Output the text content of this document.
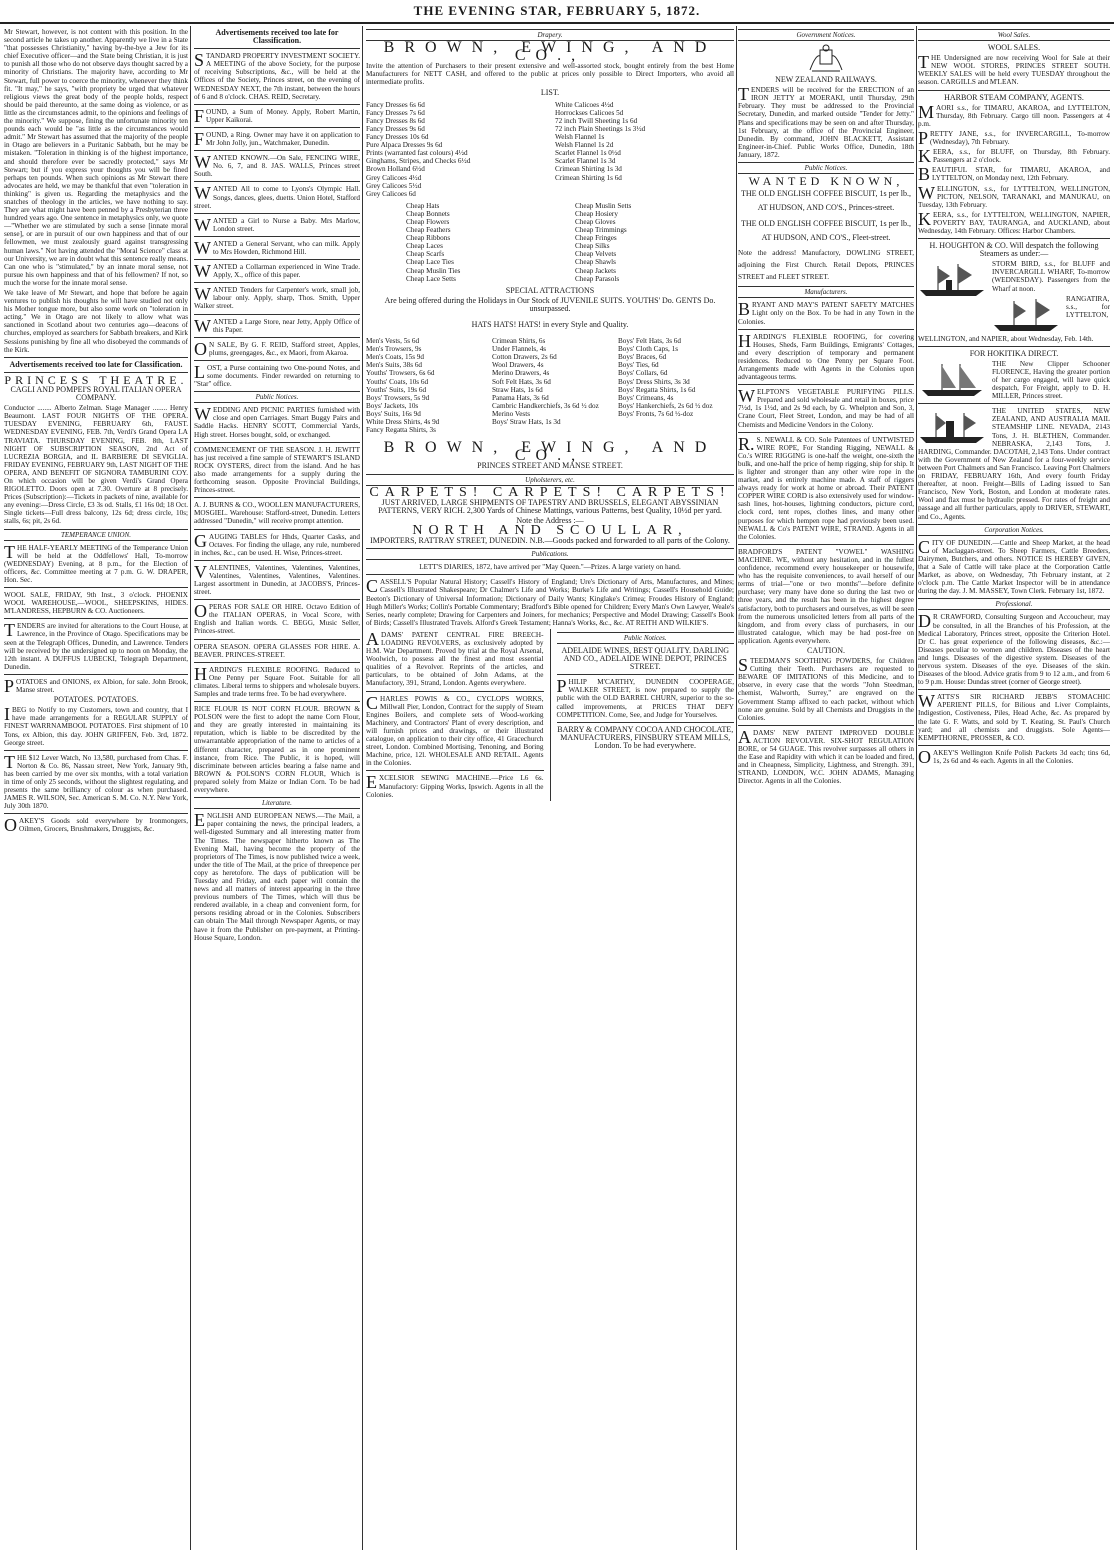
THE EVENING STAR, FEBRUARY 5, 1872.
Mr Stewart, however, is not content with this position. In the second article he takes up another. Apparently we live in a State "that possesses Christianity," having by-the-bye a Jew for its chief Executive officer—and the State being Christian, it is just to punish all those who do not observe days thought sacred by a minority of Christians. The majority have, according to Mr Stewart, full power to coerce the minority, whenever they think fit. "It may," he says, "with propriety be urged that whatever religious views the great body of the people holds, respect should be paid thereunto, at the same doing as violence, or as little as the circumstances admit, to the opinions and feelings of the minority." We suppose, fining the unfortunate minority ten pounds each would be "as little as the circumstances would admit." Mr Stewart has assumed that the majority of the people in Otago are believers in a Puritanic Sabbath, but he may be mistaken. "Toleration in thinking is of the highest importance, and should therefore ever be sacredly protected," says Mr Stewart; but if you express your thoughts you will be fined perhaps ten pounds. When such opinions as Mr Stewart there advocates are held, we may be thankful that even "toleration in thinking" is given us. Regarding the metaphysics and the snatches of theology in the articles, we have nothing to say. They are what might have been penned by a Presbyterian three hundred years ago. One sentence in metaphysics only, we quote—"Whether we are stimulated by such a sense [innate moral sense], or are in pursuit of our own happiness and that of our fellowmen, we must zealously guard against transgressing human laws." Not having attended the "Moral Science" class at our University, we are in doubt what this sentence really means. Can one who is "stimulated," by an innate moral sense, not pursue his own happiness and that of his fellowmen? If not, so much the worse for the innate moral sense.
We take leave of Mr Stewart, and hope that before he again ventures to publish his thoughts he will have studied not only his Mother tongue more, but also some work on "toleration in acting." We in Otago are not likely to allow what was sanctioned in Scotland about two centuries ago—deacons of churches, employed as searchers for Sabbath breakers, and Kirk Sessions punishing by fine all who disobeyed the commands of the Kirk.
Advertisements received too late for Classification.
PRINCESS THEATRE.
CAGLI AND POMPEI'S ROYAL ITALIAN OPERA COMPANY.
Conductor ........ Alberto Zelman. Stage Manager ........ Henry Beaumont. LAST FOUR NIGHTS OF THE OPERA. TUESDAY EVENING, FEBRUARY 6th, FAUST. WEDNESDAY EVENING, FEB. 7th, Verdi's Grand Opera LA TRAVIATA. THURSDAY EVENING, FEB. 8th, LAST NIGHT OF SUBSCRIPTION SEASON, 2nd Act of LUCREZIA BORGIA, and IL BARBIERE DI SEVIGLIA. FRIDAY EVENING, FEBRUARY 9th, LAST NIGHT OF THE OPERA, AND BENEFIT OF SIGNORA TAMBURINI COY. On which occasion will be given Verdi's Grand Opera RIGOLETTO. Doors open at 7.30. Overture at 8 precisely. Prices (Subscription):—Tickets in packets of nine, available for any evening:—Dress Circle, £3 3s od. Stalls, £1 16s 0d; 18 Oct. Single tickets—Full dress balcony, 12s 6d; dress circle, 10s; stalls, 6s; pit, 2s 6d.
TEMPERANCE UNION.
THE HALF-YEARLY MEETING of the Temperance Union will be held at the Oddfellows' Hall, To-morrow (WEDNESDAY) Evening, at 8 p.m., for the Election of officers, &c. Committee meeting at 7 p.m. G. W. DRAPER, Hon. Sec.
WOOL SALE, FRIDAY, 9th Inst., 3 o'clock. PHOENIX WOOL WAREHOUSE,—WOOL, SHEEPSKINS, HIDES. M'LANDRESS, HEPBURN & CO. Auctioneers.
TENDERS are invited for alterations to the Court House, at Lawrence, in the Province of Otago. Specifications may be seen at the Telegraph Offices, Dunedin, and Lawrence. Tenders will be received by the undersigned up to noon on Monday, the 12th instant. A DUFFUS LUBECKI, Telegraph Department, Dunedin.
POTATOES and ONIONS, ex Albion, for sale. John Brook, Manse street.
POTATOES. POTATOES.
IBEG to Notify to my Customers, town and country, that I have made arrangements for a REGULAR SUPPLY of FINEST WARRNAMBOOL POTATOES. First shipment of 10 Tons, ex Albion, this day. JOHN GRIFFEN, Feb. 3rd, 1872. George street.
THE $12 Lever Watch, No 13,580, purchased from Chas. F. Norton & Co. 86, Nassau street, New York, January 9th, has been carried by me over six months, with a total variation in time of only 25 seconds, without the slightest regulating, and presents the same brilliancy of colour as when purchased. JAMES R. WILSON, Sec. American S. M. Co. N.Y. New York, July 30th 1870.
OAKEY'S Goods sold everywhere by Ironmongers, Oilmen, Grocers, Brushmakers, Druggists, &c.
Advertisements received too late for Classification.
STANDARD PROPERTY INVESTMENT SOCIETY. A MEETING of the above Society, for the purpose of receiving Subscriptions, &c., will be held at the Offices of the Society, Princes street, on the evening of WEDNESDAY NEXT, the 7th instant, between the hours of 6 and 8 o'clock. CHAS. REID, Secretary.
FOUND, a Sum of Money. Apply, Robert Martin, Upper Kaikorai.
FOUND, a Ring. Owner may have it on application to Mr John Jolly, jun., Watchmaker, Dunedin.
WANTED KNOWN.—On Sale, FENCING WIRE, No. 6, 7, and 8. JAS. WALLS, Princes street South.
WANTED All to come to Lyons's Olympic Hall. Songs, dances, glees, duetts. Union Hotel, Stafford street.
WANTED a Girl to Nurse a Baby. Mrs Marlow, London street.
WANTED a General Servant, who can milk. Apply to Mrs Howden, Richmond Hill.
WANTED a Collarman experienced in Wine Trade. Apply, X., office of this paper.
WANTED Tenders for Carpenter's work, small job, labour only. Apply, sharp, Thos. Smith, Upper Walker street.
WANTED a Large Store, near Jetty, Apply Office of this Paper.
ON SALE, By G. F. REID, Stafford street, Apples, plums, greengages, &c., ex Maori, from Akaroa.
LOST, a Purse containing two One-pound Notes, and some documents. Finder rewarded on returning to "Star" office.
Public Notices.
WEDDING AND PICNIC PARTIES furnished with close and open Carriages. Smart Buggy Pairs and Saddle Hacks. HENRY SCOTT, Commercial Yards, High street. Horses bought, sold, or exchanged.
COMMENCEMENT OF THE SEASON. J. H. JEWITT has just received a fine sample of STEWART'S ISLAND ROCK OYSTERS, direct from the island. And he has also made arrangements for a supply during the forthcoming season. Opposite Provincial Buildings, Princes-street.
A. J. BURNS & CO., WOOLLEN MANUFACTURERS, MOSGIEL. Warehouse: Stafford-street, Dunedin. Letters addressed "Dunedin," will receive prompt attention.
GAUGING TABLES for Hhds, Quarter Casks, and Octaves. For finding the ullage, any rule, numbered in inches, &c., can be used. H. Wise, Princes-street.
VALENTINES, Valentines, Valentines, Valentines, Valentines, Valentines, Valentines, Valentines. Largest assortment in Dunedin, at JACOBS'S, Princes-street.
OPERAS FOR SALE OR HIRE. Octavo Edition of the ITALIAN OPERAS, in Vocal Score, with English and Italian words. C. BEGG, Music Seller, Princes-street.
OPERA SEASON. OPERA GLASSES FOR HIRE. A. BEAVER. PRINCES-STREET.
HARDING'S FLEXIBLE ROOFING. Reduced to One Penny per Square Foot. Suitable for all climates. Liberal terms to shippers and wholesale buyers. Samples and trade terms free. To be had everywhere.
RICE FLOUR IS NOT CORN FLOUR. BROWN & POLSON were the first to adopt the name Corn Flour, and they are greatly interested in maintaining its reputation, which is liable to be discredited by the unwarrantable appropriation of the name to articles of a different character, prepared as in one prominent instance, from Rice. The Public, it is hoped, will discriminate between articles bearing a false name and BROWN & POLSON'S CORN FLOUR, Which is prepared solely from Maize or Indian Corn. To be had everywhere.
Literature.
ENGLISH AND EUROPEAN NEWS.—The Mail, a paper containing the news, the principal leaders, a well-digested Summary and all interesting matter from The Times. The newspaper hitherto known as The Evening Mail, having become the property of the proprietors of The Times, is now published twice a week, under the title of The Mail, at the price of threepence per copy as heretofore. The days of publication will be Tuesday and Friday, and each paper will contain the news and all matters of interest appearing in the three previous numbers of The Times, which will thus be rendered available, in a cheap and convenient form, for persons residing abroad or in the Colonies. Subscribers can obtain The Mail through Newspaper Agents, or may have it from the Publisher on pre-payment, at Printing-House Square, London.
Drapery.
BROWN, EWING, AND CO.,
Invite the attention of Purchasers to their present extensive and well-assorted stock, bought entirely from the best Home Manufacturers for NETT CASH, and offered to the public at prices only possible to Direct Importers, who avoid all intermediate profits.
LIST.
Fancy Dresses 6s 6d
Fancy Dresses 7s 6d
Fancy Dresses 8s 6d
Fancy Dresses 9s 6d
Fancy Dresses 10s 6d
Pure Alpaca Dresses 9s 6d
Prints (warranted fast colours) 4½d
Ginghams, Stripes, and Checks 6½d
Brown Holland 6½d
Grey Calicoes 4½d
Grey Calicoes 5½d
Grey Calicoes 6d
White Calicoes 4½d
Horrockses Calicoes 5d
72 inch Twill Sheeting 1s 6d
72 inch Plain Sheetings 1s 3½d
Welsh Flannel 1s
Welsh Flannel 1s 2d
Scarlet Flannel 1s 0½d
Scarlet Flannel 1s 3d
Crimean Shirting 1s 3d
Crimean Shirting 1s 6d
Cheap Hats
Cheap Bonnets
Cheap Flowers
Cheap Feathers
Cheap Ribbons
Cheap Laces
Cheap Scarfs
Cheap Lace Ties
Cheap Muslin Ties
Cheap Lace Setts
Cheap Muslin Setts
Cheap Hosiery
Cheap Gloves
Cheap Trimmings
Cheap Fringes
Cheap Silks
Cheap Velvets
Cheap Shawls
Cheap Jackets
Cheap Parasols
SPECIAL ATTRACTIONS
Are being offered during the Holidays in Our Stock of JUVENILE SUITS. YOUTHS' Do. GENTS Do. unsurpassed.
HATS HATS! HATS! in every Style and Quality.
Men's Vests, 5s 6d
Men's Trowsers, 9s
Men's Coats, 15s 9d
Men's Suits, 38s 6d
Youths' Trowsers, 6s 6d
Youths' Coats, 10s 6d
Youths' Suits, 19s 6d
Boys' Trowsers, 5s 9d
Boys' Jackets, 10s
Boys' Suits, 16s 9d
White Dress Shirts, 4s 9d
Fancy Regatta Shirts, 3s
Crimean Shirts, 6s
Under Flannels, 4s
Cotton Drawers, 2s 6d
Wool Drawers, 4s
Merino Drawers, 4s
Soft Felt Hats, 3s 6d
Straw Hats, 1s 6d
Panama Hats, 3s 6d
Cambric Handkerchiefs, 3s 6d ½ doz
Merino Vests
Boys' Straw Hats, 1s 3d
Boys' Felt Hats, 3s 6d
Boys' Cloth Caps, 1s
Boys' Braces, 6d
Boys' Ties, 6d
Boys' Collars, 6d
Boys' Dress Shirts, 3s 3d
Boys' Regatta Shirts, 1s 6d
Boys' Crimeans, 4s
Boys' Hankerchiefs, 2s 6d ½ doz
Boys' Fronts, 7s 6d ½-doz
BROWN, EWING, AND CO.,
PRINCES STREET AND MANSE STREET.
Upholsterers, etc.
CARPETS! CARPETS! CARPETS!
JUST ARRIVED, LARGE SHIPMENTS OF TAPESTRY AND BRUSSELS, ELEGANT ABYSSINIAN PATTERNS, VERY RICH. 2,300 Yards of Chinese Mattings, various Patterns, best Quality, 10½d per yard.
Note the Address :—
NORTH AND SCOULLAR,
IMPORTERS, RATTRAY STREET, DUNEDIN. N.B.—Goods packed and forwarded to all parts of the Colony.
Publications.
LETT'S DIARIES, 1872, have arrived per "May Queen."—Prizes. A large variety on hand.
CASSELL'S Popular Natural History; Cassell's History of England; Ure's Dictionary of Arts, Manufactures, and Mines; Cassell's Illustrated Shakespeare; Dr Chalmer's Life and Works; Burke's Life and Writings; Cassell's Household Guide; Beeton's Dictionary of Universal Information; Dictionary of Daily Wants; Kinglake's Crimea; Froudes History of England; Hugh Miller's Works; Collin's Portable Commentary; Bradford's Bible opened for Children; Every Man's Own Lawyer, Weale's Series, nearly complete; Drawing for Carpenters and Joiners, for mechanics; Perspective and Model Drawing; Cassell's Book of Birds; Cassell's Illustrated Travels. Alford's Greek Testament; Hanna's Works, &c., &c. AT REITH AND WILKIE'S.
ADAMS' PATENT CENTRAL FIRE BREECH-LOADING REVOLVERS, as exclusively adopted by H.M. War Department. Proved by trial at the Royal Arsenal, Woolwich, to possess all the finest and most essential qualities of a Revolver. Reprints of the articles, and particulars, to be obtained of John Adams, at the Manufactory, 391, Strand, London. Agents everywhere.
CHARLES POWIS & CO., CYCLOPS WORKS, Millwall Pier, London, Contract for the supply of Steam Engines Boilers, and complete sets of Wood-working Machinery, and Contractors' Plant of every description, and will furnish prices and drawings, or their illustrated catalogue, on application to their city office, 41 Gracechurch street, London. Combined Mortising, Tenoning, and Boring Machine, price, 12l. WHOLESALE AND RETAIL. Agents in the Colonies.
EXCELSIOR SEWING MACHINE.—Price L6 6s. Manufactory: Gipping Works, Ipswich. Agents in all the Colonies.
Public Notices.
ADELAIDE WINES, BEST QUALITY. DARLING AND CO., ADELAIDE WINE DEPOT, PRINCES STREET.
PHILIP M'CARTHY, DUNEDIN COOPERAGE, WALKER STREET, is now prepared to supply the public with the OLD BARREL CHURN, superior to the so-called improvements, at PRICES THAT DEFY COMPETITION. Come, See, and Judge for Yourselves.
BARRY & COMPANY COCOA AND CHOCOLATE, MANUFACTURERS, FINSBURY STEAM MILLS, London. To be had everywhere.
Government Notices.
NEW ZEALAND RAILWAYS.
TENDERS will be received for the ERECTION of an IRON JETTY at MOERAKI, until Thursday, 29th February. They must be addressed to the Provincial Secretary, Dunedin, and marked outside "Tender for Jetty." Plans and specifications may be seen on and after Thursday, 1st February, at the office of the Provincial Engineer, Dunedin. By command, JOHN BLACKETT, Assistant Engineer-in-Chief. Public Works Office, Dunedin, 18th January, 1872.
Public Notices.
WANTED KNOWN,
THE OLD ENGLISH COFFEE BISCUIT, 1s per lb., AT HUDSON, AND CO'S., Princes-street.
THE OLD ENGLISH COFFEE BISCUIT, 1s per lb., AT HUDSON, AND CO'S., Fleet-street.
Note the address! Manufactory, DOWLING STREET, adjoining the First Church. Retail Depots, PRINCES STREET and FLEET STREET.
Manufacturers.
BRYANT AND MAY'S PATENT SAFETY MATCHES Light only on the Box. To be had in any Town in the Colonies.
HARDING'S FLEXIBLE ROOFING, for covering Houses, Sheds, Farm Buildings, Emigrants' Cottages, and every description of temporary and permanent residences. Reduced to One Penny per Square Foot. Arrangements made with Agents in the Colonies upon advantageous terms.
WELPTON'S VEGETABLE PURIFYING PILLS. Prepared and sold wholesale and retail in boxes, price 7½d, 1s 1½d, and 2s 9d each, by G. Whelpton and Son, 3, Crane Court, Fleet Street, London, and may be had of all Chemists and Medicine Vendors in the Colony.
R.S. NEWALL & CO. Sole Patentees of UNTWISTED WIRE ROPE, For Standing Rigging, NEWALL & Co.'s WIRE RIGGING is one-half the weight, one-sixth the bulk, and one-half the price of hemp rigging, ship for ship. It is lighter and stronger than any other wire rope in the market, and is entirely machine made. A staff of riggers always ready for work at home or abroad. Their PATENT COPPER WIRE CORD is also extensively used for window-sash lines, hot-houses, lightning conductors, picture cord, clock cord, tent ropes, clothes lines, and many other purposes for which hempen rope had previously been used. NEWALL & Co's PATENT WIRE, STRAND. Agents in all the Colonies.
BRADFORD'S PATENT "VOWEL" WASHING MACHINE. WE, without any hesitation, and in the fullest confidence, recommend every housekeeper or housewife, who has the requisite conveniences, to avail herself of our terms of trial—"one or two months"—before definite purchase; very many have done so during the last two or three years, and the result has been in the highest degree satisfactory, both to purchasers and ourselves, as will be seen from the numerous unsolicited letters from all parts of the kingdom, and from every class of purchasers, in our illustrated catalogue, which may be had post-free on application. Agents everywhere.
CAUTION.
STEEDMAN'S SOOTHING POWDERS, for Children Cutting their Teeth. Purchasers are requested to BEWARE OF IMITATIONS of this Medicine, and to observe, in every case that the words "John Steedman, chemist, Walworth, Surrey," are engraved on the Government Stamp affixed to each packet, without which none are genuine. Sold by all Chemists and Druggists in the Colonies.
ADAMS' NEW PATENT IMPROVED DOUBLE ACTION REVOLVER. SIX-SHOT REGULATION BORE, or 54 GUAGE. This revolver surpasses all others in the Ease and Rapidity with which it can be loaded and fired, and in Cheapness, Simplicity, Lightness, and Strength. 391, STRAND, LONDON, W.C. JOHN ADAMS, Managing Director. Agents in all the Colonies.
Wool Sales.
WOOL SALES.
THE Undersigned are now receiving Wool for Sale at their NEW WOOL STORES, PRINCES STREET SOUTH. WEEKLY SALES will be held every TUESDAY throughout the season. CARGILLS and M'LEAN.
HARBOR STEAM COMPANY, AGENTS.
MAORI s.s., for TIMARU, AKAROA, and LYTTELTON, Thursday, 8th February. Cargo till noon. Passengers at 4 p.m.
PRETTY JANE, s.s., for INVERCARGILL, To-morrow (Wednesday), 7th February.
KEERA, s.s., for BLUFF, on Thursday, 8th February. Passengers at 2 o'clock.
BEAUTIFUL STAR, for TIMARU, AKAROA, and LYTTELTON, on Monday next, 12th February.
WELLINGTON, s.s., for LYTTELTON, WELLINGTON, PICTON, NELSON, TARANAKI, and MANUKAU, on Tuesday, 13th February.
KEERA, s.s., for LYTTELTON, WELLINGTON, NAPIER, POVERTY BAY, TAURANGA, and AUCKLAND, about Wednesday, 14th February. Offices: Harbor Chambers.
H. HOUGHTON & CO. Will despatch the following Steamers as under:—
STORM BIRD, s.s., for BLUFF and INVERCARGILL WHARF, To-morrow (WEDNESDAY). Passengers from the Wharf at noon.
RANGATIRA, s.s., for LYTTELTON, WELLINGTON, and NAPIER, about Wednesday, Feb. 14th.
FOR HOKITIKA DIRECT.
THE New Clipper Schooner FLORENCE, Having the greater portion of her cargo engaged, will have quick despatch, For Freight, apply to D. H. MILLER, Princes street.
THE UNITED STATES, NEW ZEALAND, AND AUSTRALIA MAIL STEAMSHIP LINE. NEVADA, 2143 Tons, J. H. BLETHEN, Commander. NEBRASKA, 2,143 Tons, J. HARDING, Commander. DACOTAH, 2,143 Tons. Under contract with the Government of New Zealand for a four-weekly service between Port Chalmers and San Francisco. Leaving Port Chalmers on FRIDAY, FEBRUARY 16th, And every fourth Friday thereafter, at noon. Freight—Bills of Lading issued to San Francisco, New York, Boston, and London at moderate rates. Wool and flax must be hydraulic pressed. For rates of freight and passage and all further particulars, apply to DRIVER, STEWART, and Co., Agents.
Corporation Notices.
CITY OF DUNEDIN.—Cattle and Sheep Market, at the head of Maclaggan-street. To Sheep Farmers, Cattle Breeders, Dairymen, Butchers, and others. NOTICE IS HEREBY GIVEN, that a Sale of Cattle will take place at the Corporation Cattle Market, as above, on Wednesday, 7th February instant, at 2 o'clock p.m. The Cattle Market Inspector will be in attendance during the day. J. M. MASSEY, Town Clerk. February 1st, 1872.
Professional.
DR CRAWFORD, Consulting Surgeon and Accoucheur, may be consulted, in all the Branches of his Profession, at the Medical Laboratory, Princes street, opposite the Criterion Hotel. Dr C. has great experience of the following diseases, &c.:— Diseases peculiar to women and children. Diseases of the heart and lungs. Diseases of the digestive system. Diseases of the nervous system. Diseases of the eye. Diseases of the skin. Diseases of the blood. Advice gratis from 9 to 12 a.m., and from 6 to 9 p.m. House: Dundas street (corner of George street).
WATTS'S SIR RICHARD JEBB'S STOMACHIC APERIENT PILLS, for Bilious and Liver Complaints, Indigestion, Costiveness, Piles, Head Ache, &c. As prepared by the late G. F. Watts, and sold by T. Keating, St. Paul's Church yard; and all chemists and druggists. Sole Agents— KEMPTHORNE, PROSSER, & CO.
OAKEY'S Wellington Knife Polish Packets 3d each; tins 6d, 1s, 2s 6d and 4s each. Agents in all the Colonies.
